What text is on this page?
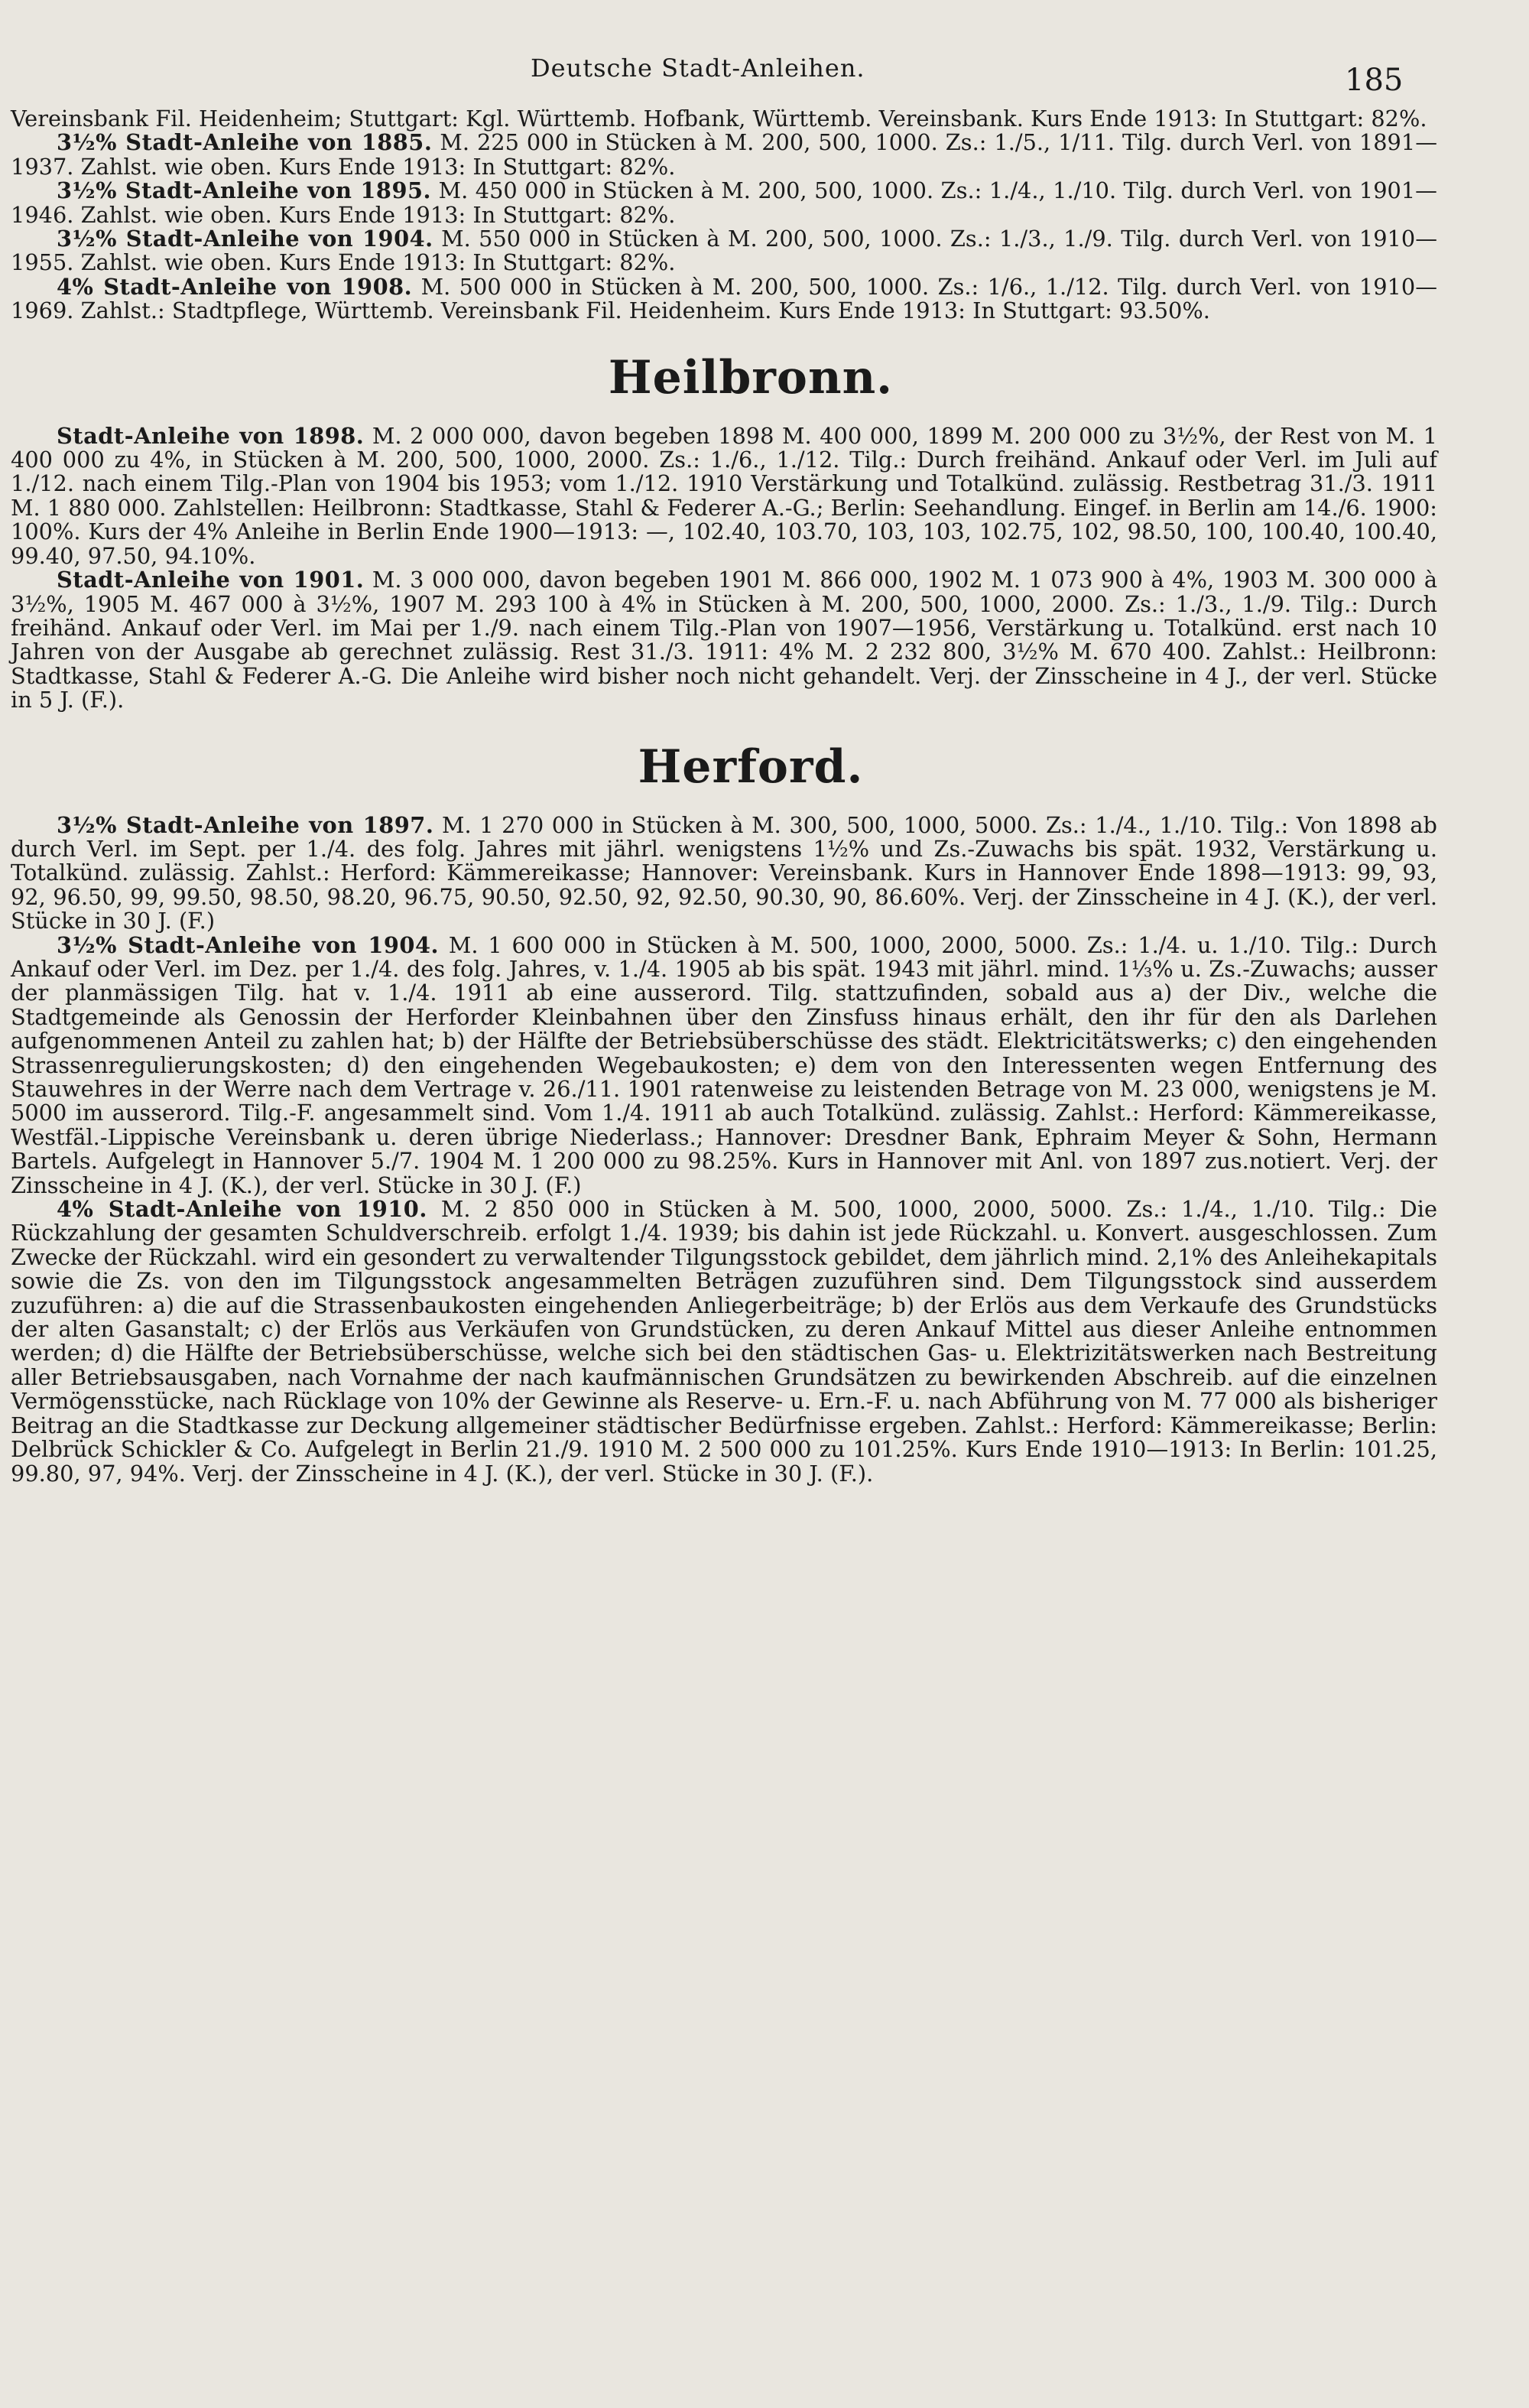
Deutsche Stadt-Anleihen.	185

Vereinsbank Fil. Heidenheim; Stuttgart: Kgl. Württemb. Hofbank, Württemb. Vereinsbank. Kurs Ende 1913: In Stuttgart: 82%.

3½% Stadt-Anleihe von 1885. M. 225 000 in Stücken à M. 200, 500, 1000. Zs.: 1./5., 1/11. Tilg. durch Verl. von 1891—1937. Zahlst. wie oben. Kurs Ende 1913: In Stuttgart: 82%.

3½% Stadt-Anleihe von 1895. M. 450 000 in Stücken à M. 200, 500, 1000. Zs.: 1./4., 1./10. Tilg. durch Verl. von 1901—1946. Zahlst. wie oben. Kurs Ende 1913: In Stuttgart: 82%.

3½% Stadt-Anleihe von 1904. M. 550 000 in Stücken à M. 200, 500, 1000. Zs.: 1./3., 1./9. Tilg. durch Verl. von 1910—1955. Zahlst. wie oben. Kurs Ende 1913: In Stuttgart: 82%.

4% Stadt-Anleihe von 1908. M. 500 000 in Stücken à M. 200, 500, 1000. Zs.: 1/6., 1./12. Tilg. durch Verl. von 1910—1969. Zahlst.: Stadtpflege, Württemb. Vereinsbank Fil. Heidenheim. Kurs Ende 1913: In Stuttgart: 93.50%.

Heilbronn.

Stadt-Anleihe von 1898. M. 2 000 000, davon begeben 1898 M. 400 000, 1899 M. 200 000 zu 3½%, der Rest von M. 1 400 000 zu 4%, in Stücken à M. 200, 500, 1000, 2000. Zs.: 1./6., 1./12. Tilg.: Durch freihänd. Ankauf oder Verl. im Juli auf 1./12. nach einem Tilg.-Plan von 1904 bis 1953; vom 1./12. 1910 Verstärkung und Totalkünd. zulässig. Restbetrag 31./3. 1911 M. 1 880 000. Zahlstellen: Heilbronn: Stadtkasse, Stahl & Federer A.-G.; Berlin: Seehandlung. Eingef. in Berlin am 14./6. 1900: 100%. Kurs der 4% Anleihe in Berlin Ende 1900—1913: —, 102.40, 103.70, 103, 103, 102.75, 102, 98.50, 100, 100.40, 100.40, 99.40, 97.50, 94.10%.

Stadt-Anleihe von 1901. M. 3 000 000, davon begeben 1901 M. 866 000, 1902 M. 1 073 900 à 4%, 1903 M. 300 000 à 3½%, 1905 M. 467 000 à 3½%, 1907 M. 293 100 à 4% in Stücken à M. 200, 500, 1000, 2000. Zs.: 1./3., 1./9. Tilg.: Durch freihänd. Ankauf oder Verl. im Mai per 1./9. nach einem Tilg.-Plan von 1907—1956, Verstärkung u. Totalkünd. erst nach 10 Jahren von der Ausgabe ab gerechnet zulässig. Rest 31./3. 1911: 4% M. 2 232 800, 3½% M. 670 400. Zahlst.: Heilbronn: Stadtkasse, Stahl & Federer A.-G. Die Anleihe wird bisher noch nicht gehandelt. Verj. der Zinsscheine in 4 J., der verl. Stücke in 5 J. (F.).

Herford.

3½% Stadt-Anleihe von 1897. M. 1 270 000 in Stücken à M. 300, 500, 1000, 5000. Zs.: 1./4., 1./10. Tilg.: Von 1898 ab durch Verl. im Sept. per 1./4. des folg. Jahres mit jährl. wenigstens 1½% und Zs.-Zuwachs bis spät. 1932, Verstärkung u. Totalkünd. zulässig. Zahlst.: Herford: Kämmereikasse; Hannover: Vereinsbank. Kurs in Hannover Ende 1898—1913: 99, 93, 92, 96.50, 99, 99.50, 98.50, 98.20, 96.75, 90.50, 92.50, 92, 92.50, 90.30, 90, 86.60%. Verj. der Zinsscheine in 4 J. (K.), der verl. Stücke in 30 J. (F.)

3½% Stadt-Anleihe von 1904. M. 1 600 000 in Stücken à M. 500, 1000, 2000, 5000. Zs.: 1./4. u. 1./10. Tilg.: Durch Ankauf oder Verl. im Dez. per 1./4. des folg. Jahres, v. 1./4. 1905 ab bis spät. 1943 mit jährl. mind. 1⅓% u. Zs.-Zuwachs; ausser der planmässigen Tilg. hat v. 1./4. 1911 ab eine ausserord. Tilg. stattzufinden, sobald aus a) der Div., welche die Stadtgemeinde als Genossin der Herforder Kleinbahnen über den Zinsfuss hinaus erhält, den ihr für den als Darlehen aufgenommenen Anteil zu zahlen hat; b) der Hälfte der Betriebsüberschüsse des städt. Elektricitätswerks; c) den eingehenden Strassenregulierungskosten; d) den eingehenden Wegebaukosten; e) dem von den Interessenten wegen Entfernung des Stauwehres in der Werre nach dem Vertrage v. 26./11. 1901 ratenweise zu leistenden Betrage von M. 23 000, wenigstens je M. 5000 im ausserord. Tilg.-F. angesammelt sind. Vom 1./4. 1911 ab auch Totalkünd. zulässig. Zahlst.: Herford: Kämmereikasse, Westfäl.-Lippische Vereinsbank u. deren übrige Niederlass.; Hannover: Dresdner Bank, Ephraim Meyer & Sohn, Hermann Bartels. Aufgelegt in Hannover 5./7. 1904 M. 1 200 000 zu 98.25%. Kurs in Hannover mit Anl. von 1897 zus.notiert. Verj. der Zinsscheine in 4 J. (K.), der verl. Stücke in 30 J. (F.)

4% Stadt-Anleihe von 1910. M. 2 850 000 in Stücken à M. 500, 1000, 2000, 5000. Zs.: 1./4., 1./10. Tilg.: Die Rückzahlung der gesamten Schuldverschreib. erfolgt 1./4. 1939; bis dahin ist jede Rückzahl. u. Konvert. ausgeschlossen. Zum Zwecke der Rückzahl. wird ein gesondert zu verwaltender Tilgungsstock gebildet, dem jährlich mind. 2,1% des Anleihekapitals sowie die Zs. von den im Tilgungsstock angesammelten Beträgen zuzuführen sind. Dem Tilgungsstock sind ausserdem zuzuführen: a) die auf die Strassenbaukosten eingehenden Anliegerbeiträge; b) der Erlös aus dem Verkaufe des Grundstücks der alten Gasanstalt; c) der Erlös aus Verkäufen von Grundstücken, zu deren Ankauf Mittel aus dieser Anleihe entnommen werden; d) die Hälfte der Betriebsüberschüsse, welche sich bei den städtischen Gas- u. Elektrizitätswerken nach Bestreitung aller Betriebsausgaben, nach Vornahme der nach kaufmännischen Grundsätzen zu bewirkenden Abschreib. auf die einzelnen Vermögensstücke, nach Rücklage von 10% der Gewinne als Reserve- u. Ern.-F. u. nach Abführung von M. 77 000 als bisheriger Beitrag an die Stadtkasse zur Deckung allgemeiner städtischer Bedürfnisse ergeben. Zahlst.: Herford: Kämmereikasse; Berlin: Delbrück Schickler & Co. Aufgelegt in Berlin 21./9. 1910 M. 2 500 000 zu 101.25%. Kurs Ende 1910—1913: In Berlin: 101.25, 99.80, 97, 94%. Verj. der Zinsscheine in 4 J. (K.), der verl. Stücke in 30 J. (F.).
